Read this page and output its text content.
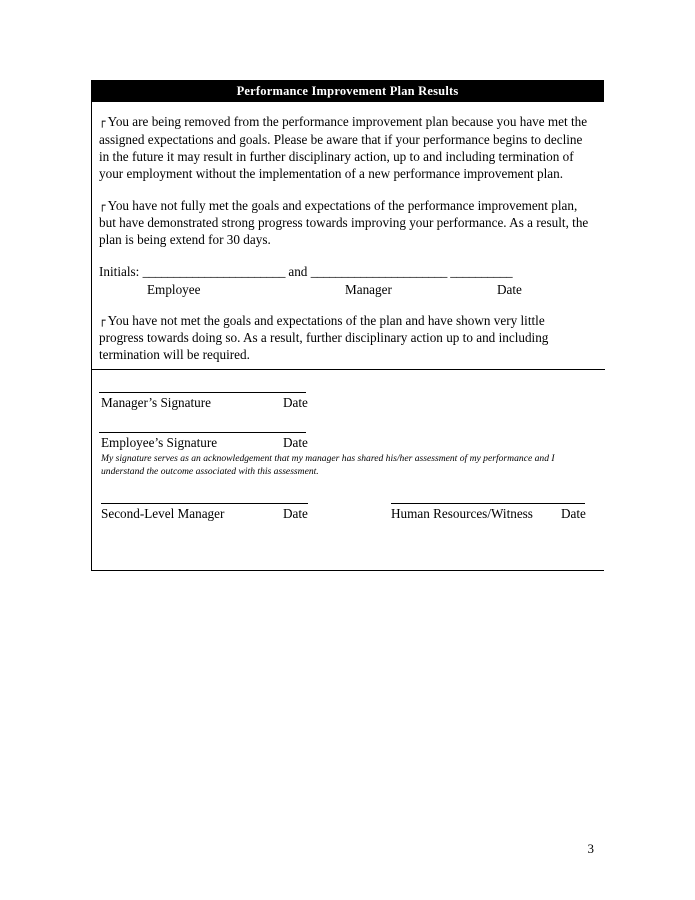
Performance Improvement Plan Results

┐ You are being removed from the performance improvement plan because you have met the assigned expectations and goals. Please be aware that if your performance begins to decline in the future it may result in further disciplinary action, up to and including termination of your employment without the implementation of a new performance improvement plan.

┐ You have not fully met the goals and expectations of the performance improvement plan, but have demonstrated strong progress towards improving your performance. As a result, the plan is being extend for 30 days.

Initials: _______________________ and ______________________ __________
Employee	Manager	Date

┐ You have not met the goals and expectations of the plan and have shown very little progress towards doing so. As a result, further disciplinary action up to and including termination will be required.

Manager’s Signature	Date
Employee’s Signature	Date

My signature serves as an acknowledgement that my manager has shared his/her assessment of my performance and I understand the outcome associated with this assessment.

Second-Level Manager	Date	Human Resources/Witness Date
3
